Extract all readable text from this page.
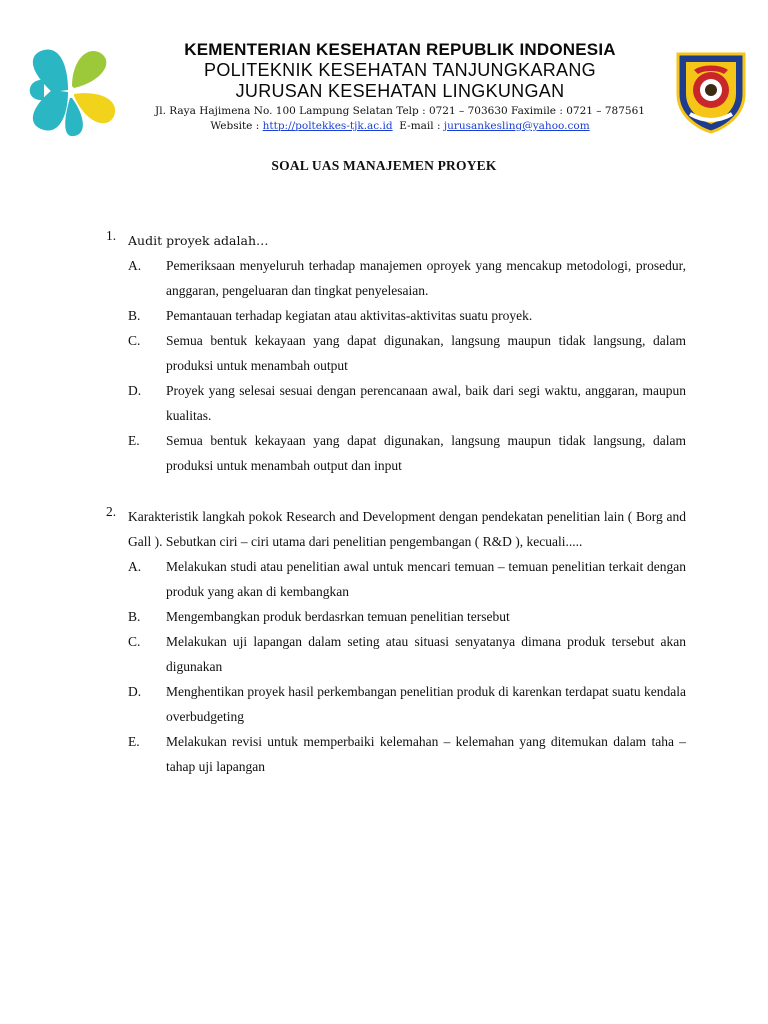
KEMENTERIAN KESEHATAN REPUBLIK INDONESIA
POLITEKNIK KESEHATAN TANJUNGKARANG
JURUSAN KESEHATAN LINGKUNGAN
Jl. Raya Hajimena No. 100 Lampung Selatan Telp : 0721 – 703630 Faximile : 0721 – 787561
Website : http://poltekkes-tjk.ac.id E-mail : jurusankesling@yahoo.com
SOAL UAS MANAJEMEN PROYEK
1. Audit proyek adalah…
A. Pemeriksaan menyeluruh terhadap manajemen oproyek yang mencakup metodologi, prosedur, anggaran, pengeluaran dan tingkat penyelesaian.
B. Pemantauan terhadap kegiatan atau aktivitas-aktivitas suatu proyek.
C. Semua bentuk kekayaan yang dapat digunakan, langsung maupun tidak langsung, dalam produksi untuk menambah output
D. Proyek yang selesai sesuai dengan perencanaan awal, baik dari segi waktu, anggaran, maupun kualitas.
E. Semua bentuk kekayaan yang dapat digunakan, langsung maupun tidak langsung, dalam produksi untuk menambah output dan input
2. Karakteristik langkah pokok Research and Development dengan pendekatan penelitian lain ( Borg and Gall ). Sebutkan ciri – ciri utama dari penelitian pengembangan ( R&D ), kecuali.....
A. Melakukan studi atau penelitian awal untuk mencari temuan – temuan penelitian terkait dengan produk yang akan di kembangkan
B. Mengembangkan produk berdasrkan temuan penelitian tersebut
C. Melakukan uji lapangan dalam seting atau situasi senyatanya dimana produk tersebut akan digunakan
D. Menghentikan proyek hasil perkembangan penelitian produk di karenkan terdapat suatu kendala overbudgeting
E. Melakukan revisi untuk memperbaiki kelemahan – kelemahan yang ditemukan dalam taha – tahap uji lapangan
